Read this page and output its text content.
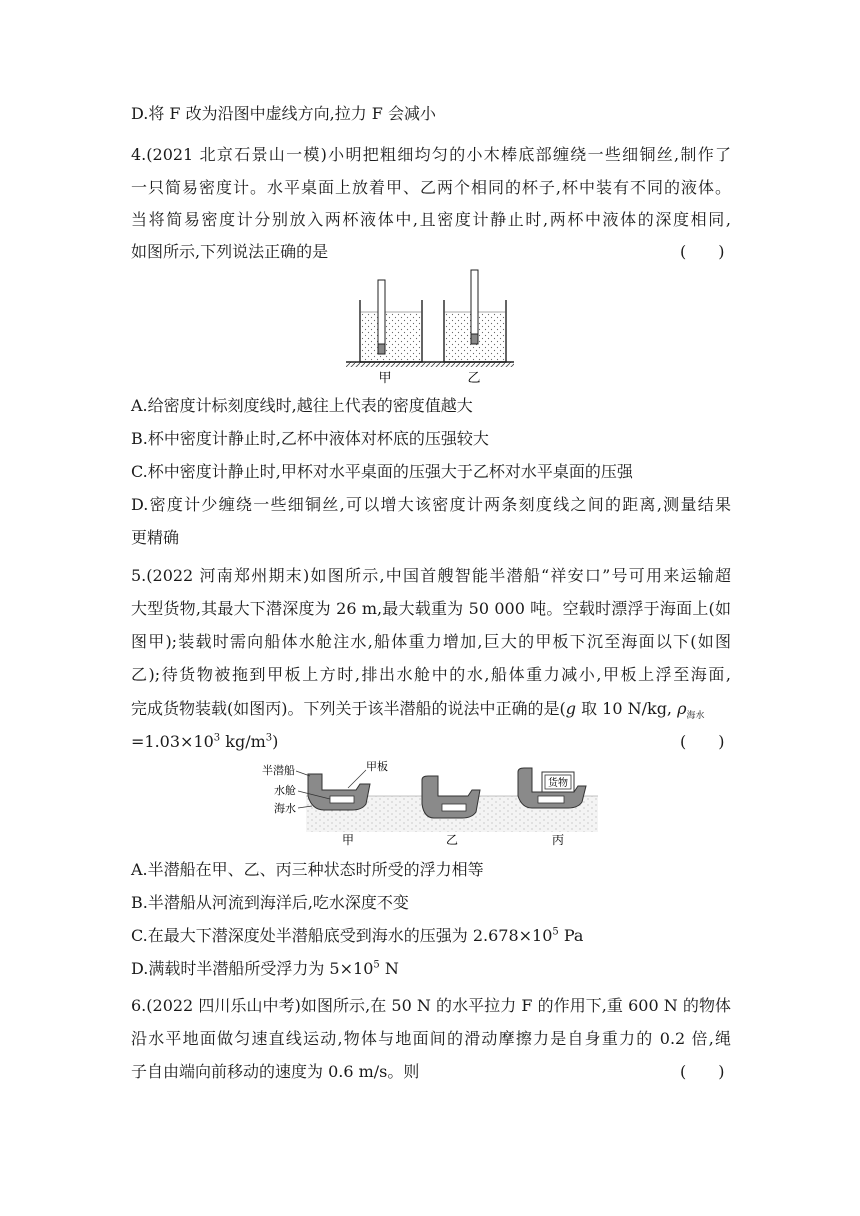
D.将 F 改为沿图中虚线方向,拉力 F 会减小
4.(2021 北京石景山一模)小明把粗细均匀的小木棒底部缠绕一些细铜丝,制作了
一只简易密度计。水平桌面上放着甲、乙两个相同的杯子,杯中装有不同的液体。
当将简易密度计分别放入两杯液体中,且密度计静止时,两杯中液体的深度相同,
如图所示,下列说法正确的是	(　　)
甲	乙
A.给密度计标刻度线时,越往上代表的密度值越大
B.杯中密度计静止时,乙杯中液体对杯底的压强较大
C.杯中密度计静止时,甲杯对水平桌面的压强大于乙杯对水平桌面的压强
D.密度计少缠绕一些细铜丝,可以增大该密度计两条刻度线之间的距离,测量结果
更精确
5.(2022 河南郑州期末)如图所示,中国首艘智能半潜船“祥安口”号可用来运输超
大型货物,其最大下潜深度为 26 m,最大载重为 50 000 吨。空载时漂浮于海面上(如
图甲);装载时需向船体水舱注水,船体重力增加,巨大的甲板下沉至海面以下(如图
乙);待货物被拖到甲板上方时,排出水舱中的水,船体重力减小,甲板上浮至海面,
完成货物装载(如图丙)。下列关于该半潜船的说法中正确的是(g 取 10 N/kg, $\rho_{海水}$
$=1.03\times 10^3$ $kg/m^3$)	(　　)
货物
半潜船
水舱
海水
甲板
甲	乙	丙
A.半潜船在甲、乙、丙三种状态时所受的浮力相等
B.半潜船从河流到海洋后,吃水深度不变
C.在最大下潜深度处半潜船底受到海水的压强为 $2.678\times 10^5$ Pa
D.满载时半潜船所受浮力为 $5\times 10^5$ N
6.(2022 四川乐山中考)如图所示,在 50 N 的水平拉力 F 的作用下,重 600 N 的物体
沿水平地面做匀速直线运动,物体与地面间的滑动摩擦力是自身重力的 0.2 倍,绳
子自由端向前移动的速度为 0.6 m/s。则	(　　)
